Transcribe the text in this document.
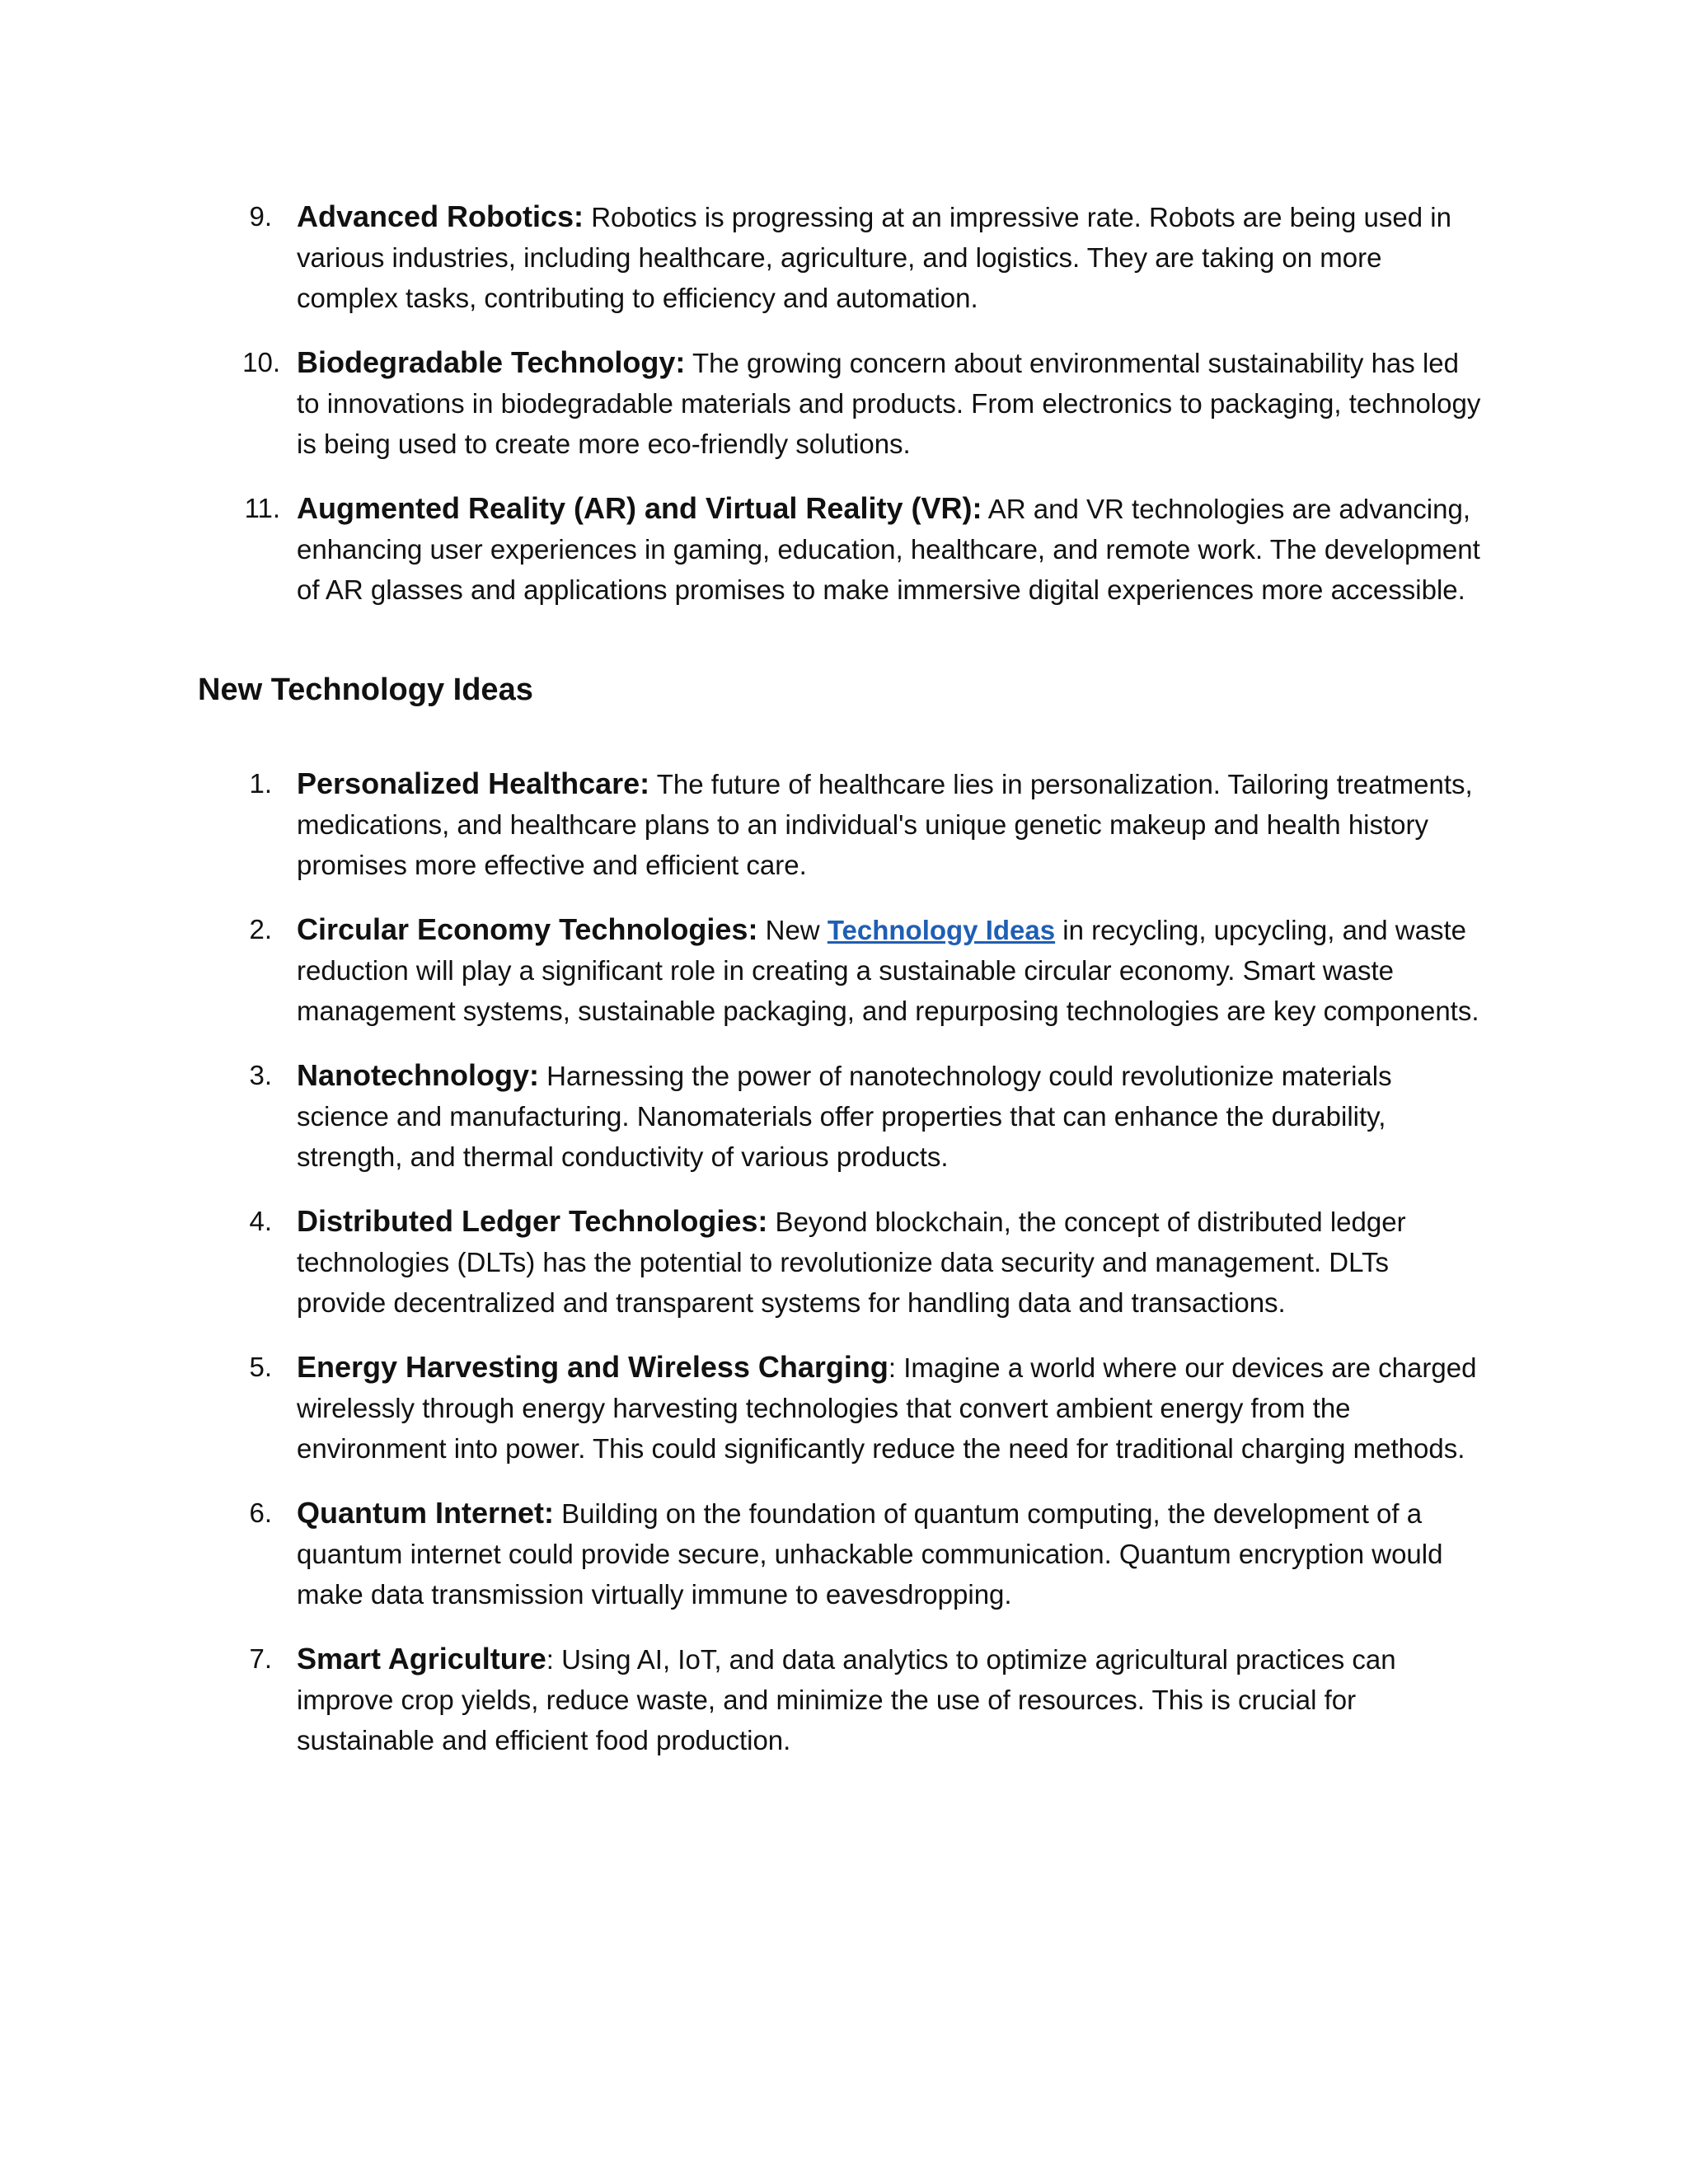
9. Advanced Robotics: Robotics is progressing at an impressive rate. Robots are being used in various industries, including healthcare, agriculture, and logistics. They are taking on more complex tasks, contributing to efficiency and automation.
10. Biodegradable Technology: The growing concern about environmental sustainability has led to innovations in biodegradable materials and products. From electronics to packaging, technology is being used to create more eco-friendly solutions.
11. Augmented Reality (AR) and Virtual Reality (VR): AR and VR technologies are advancing, enhancing user experiences in gaming, education, healthcare, and remote work. The development of AR glasses and applications promises to make immersive digital experiences more accessible.
New Technology Ideas
1. Personalized Healthcare: The future of healthcare lies in personalization. Tailoring treatments, medications, and healthcare plans to an individual's unique genetic makeup and health history promises more effective and efficient care.
2. Circular Economy Technologies: New Technology Ideas in recycling, upcycling, and waste reduction will play a significant role in creating a sustainable circular economy. Smart waste management systems, sustainable packaging, and repurposing technologies are key components.
3. Nanotechnology: Harnessing the power of nanotechnology could revolutionize materials science and manufacturing. Nanomaterials offer properties that can enhance the durability, strength, and thermal conductivity of various products.
4. Distributed Ledger Technologies: Beyond blockchain, the concept of distributed ledger technologies (DLTs) has the potential to revolutionize data security and management. DLTs provide decentralized and transparent systems for handling data and transactions.
5. Energy Harvesting and Wireless Charging: Imagine a world where our devices are charged wirelessly through energy harvesting technologies that convert ambient energy from the environment into power. This could significantly reduce the need for traditional charging methods.
6. Quantum Internet: Building on the foundation of quantum computing, the development of a quantum internet could provide secure, unhackable communication. Quantum encryption would make data transmission virtually immune to eavesdropping.
7. Smart Agriculture: Using AI, IoT, and data analytics to optimize agricultural practices can improve crop yields, reduce waste, and minimize the use of resources. This is crucial for sustainable and efficient food production.
